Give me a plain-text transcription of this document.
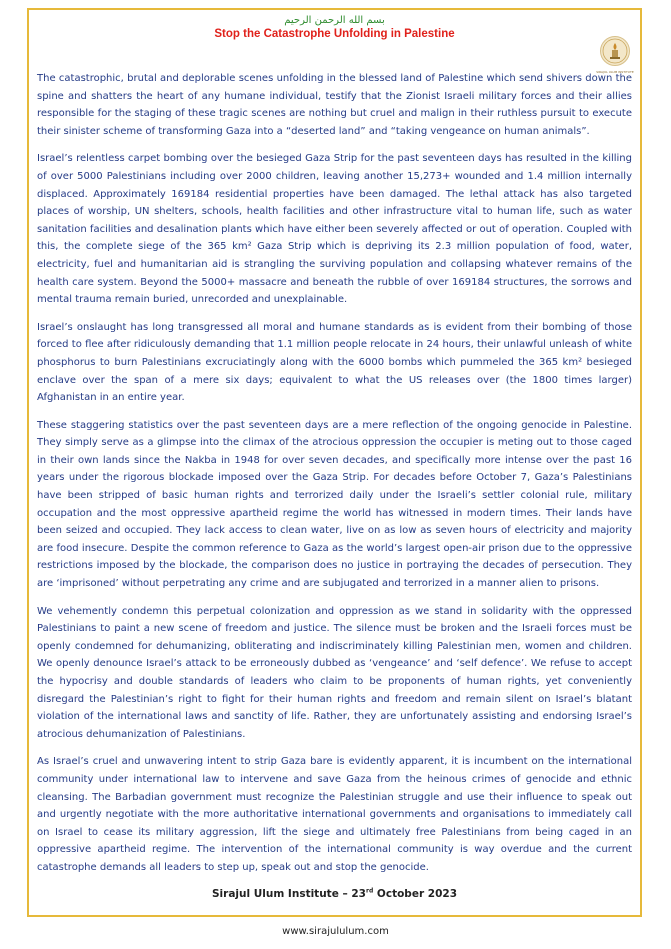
بسم الله الرحمن الرحيم
Stop the Catastrophe Unfolding in Palestine
SIRAJUL ULUM INSTITUTE

The catastrophic, brutal and deplorable scenes unfolding in the blessed land of Palestine which send shivers down the spine and shatters the heart of any humane individual, testify that the Zionist Israeli military forces and their allies responsible for the staging of these tragic scenes are nothing but cruel and malign in their ruthless pursuit to execute their sinister scheme of transforming Gaza into a “deserted land” and “taking vengeance on human animals”.

Israel’s relentless carpet bombing over the besieged Gaza Strip for the past seventeen days has resulted in the killing of over 5000 Palestinians including over 2000 children, leaving another 15,273+ wounded and 1.4 million internally displaced. Approximately 169184 residential properties have been damaged. The lethal attack has also targeted places of worship, UN shelters, schools, health facilities and other infrastructure vital to human life, such as water sanitation facilities and desalination plants which have either been severely affected or out of operation. Coupled with this, the complete siege of the 365 km² Gaza Strip which is depriving its 2.3 million population of food, water, electricity, fuel and humanitarian aid is strangling the surviving population and collapsing whatever remains of the health care system. Beyond the 5000+ massacre and beneath the rubble of over 169184 structures, the sorrows and mental trauma remain buried, unrecorded and unexplainable.

Israel’s onslaught has long transgressed all moral and humane standards as is evident from their bombing of those forced to flee after ridiculously demanding that 1.1 million people relocate in 24 hours, their unlawful unleash of white phosphorus to burn Palestinians excruciatingly along with the 6000 bombs which pummeled the 365 km² besieged enclave over the span of a mere six days; equivalent to what the US releases over (the 1800 times larger) Afghanistan in an entire year.

These staggering statistics over the past seventeen days are a mere reflection of the ongoing genocide in Palestine. They simply serve as a glimpse into the climax of the atrocious oppression the occupier is meting out to those caged in their own lands since the Nakba in 1948 for over seven decades, and specifically more intense over the past 16 years under the rigorous blockade imposed over the Gaza Strip. For decades before October 7, Gaza’s Palestinians have been stripped of basic human rights and terrorized daily under the Israeli’s settler colonial rule, military occupation and the most oppressive apartheid regime the world has witnessed in modern times. Their lands have been seized and occupied. They lack access to clean water, live on as low as seven hours of electricity and majority are food insecure. Despite the common reference to Gaza as the world’s largest open-air prison due to the oppressive restrictions imposed by the blockade, the comparison does no justice in portraying the decades of persecution. They are ‘imprisoned’ without perpetrating any crime and are subjugated and terrorized in a manner alien to prisons.

We vehemently condemn this perpetual colonization and oppression as we stand in solidarity with the oppressed Palestinians to paint a new scene of freedom and justice. The silence must be broken and the Israeli forces must be openly condemned for dehumanizing, obliterating and indiscriminately killing Palestinian men, women and children. We openly denounce Israel’s attack to be erroneously dubbed as ‘vengeance’ and ‘self defence’. We refuse to accept the hypocrisy and double standards of leaders who claim to be proponents of human rights, yet conveniently disregard the Palestinian’s right to fight for their human rights and freedom and remain silent on Israel’s blatant violation of the international laws and sanctity of life. Rather, they are unfortunately assisting and endorsing Israel’s atrocious dehumanization of Palestinians.

As Israel’s cruel and unwavering intent to strip Gaza bare is evidently apparent, it is incumbent on the international community under international law to intervene and save Gaza from the heinous crimes of genocide and ethnic cleansing. The Barbadian government must recognize the Palestinian struggle and use their influence to speak out and urgently negotiate with the more authoritative international governments and organisations to immediately call on Israel to cease its military aggression, lift the siege and ultimately free Palestinians from being caged in an oppressive apartheid regime. The intervention of the international community is way overdue and the current catastrophe demands all leaders to step up, speak out and stop the genocide.

Sirajul Ulum Institute – 23rd October 2023
www.sirajululum.com
